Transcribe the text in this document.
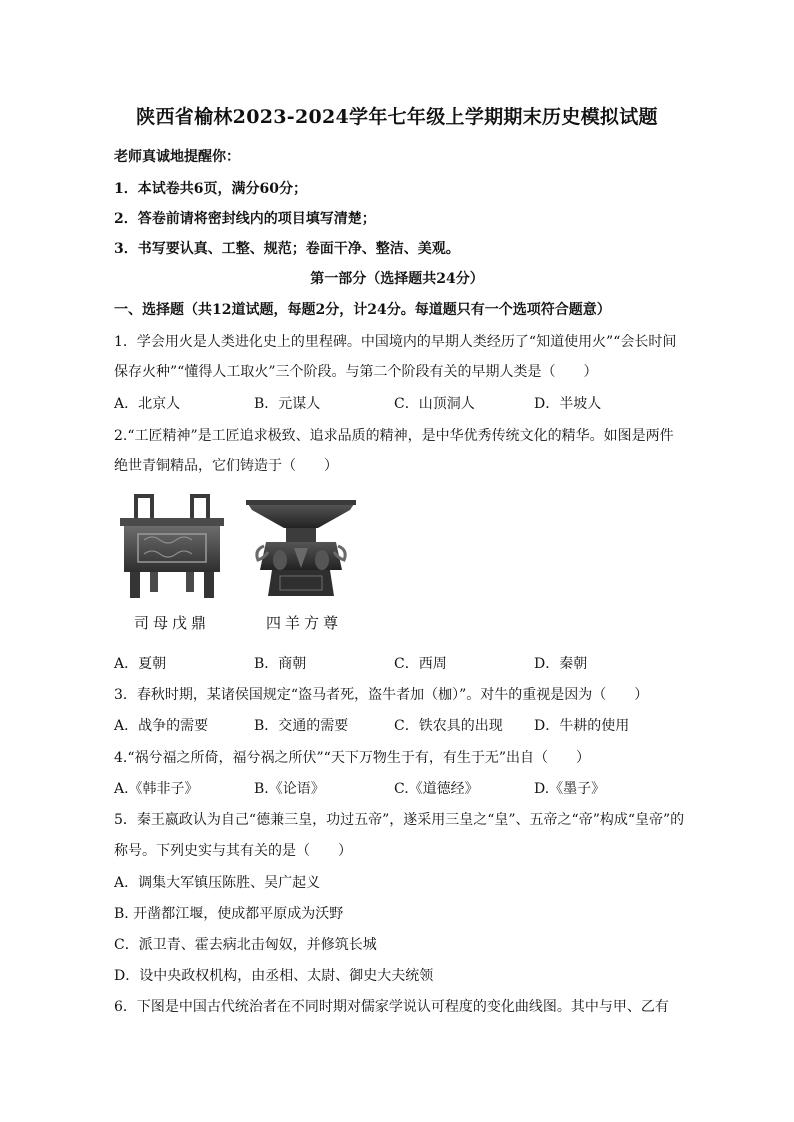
陕西省榆林2023-2024学年七年级上学期期末历史模拟试题
老师真诚地提醒你：
1．本试卷共6页，满分60分；
2．答卷前请将密封线内的项目填写清楚；
3．书写要认真、工整、规范；卷面干净、整洁、美观。
第一部分（选择题共24分）
一、选择题（共12道试题，每题2分，计24分。每道题只有一个选项符合题意）
1．学会用火是人类进化史上的里程碑。中国境内的早期人类经历了“知道使用火”“会长时间
保存火种”“懂得人工取火”三个阶段。与第二个阶段有关的早期人类是（　　）
A．北京人	B．元谋人	C．山顶洞人	D．半坡人
2.“工匠精神”是工匠追求极致、追求品质的精神，是中华优秀传统文化的精华。如图是两件
绝世青铜精品，它们铸造于（　　）
司母戊鼎	四羊方尊
A．夏朝	B．商朝	C．西周	D．秦朝
3．春秋时期，某诸侯国规定“盗马者死，盗牛者加（枷）”。对牛的重视是因为（　　）
A．战争的需要	B．交通的需要	C．铁农具的出现 D．牛耕的使用
4.“祸兮福之所倚，福兮祸之所伏”“天下万物生于有，有生于无”出自（　　）
A.《韩非子》	B.《论语》	C.《道德经》	D.《墨子》
5．秦王嬴政认为自己“德兼三皇，功过五帝”，遂采用三皇之“皇”、五帝之“帝”构成“皇帝”的
称号。下列史实与其有关的是（　　）
A．调集大军镇压陈胜、吴广起义
B. 开凿都江堰，使成都平原成为沃野
C．派卫青、霍去病北击匈奴，并修筑长城
D．设中央政权机构，由丞相、太尉、御史大夫统领
6．下图是中国古代统治者在不同时期对儒家学说认可程度的变化曲线图。其中与甲、乙有
